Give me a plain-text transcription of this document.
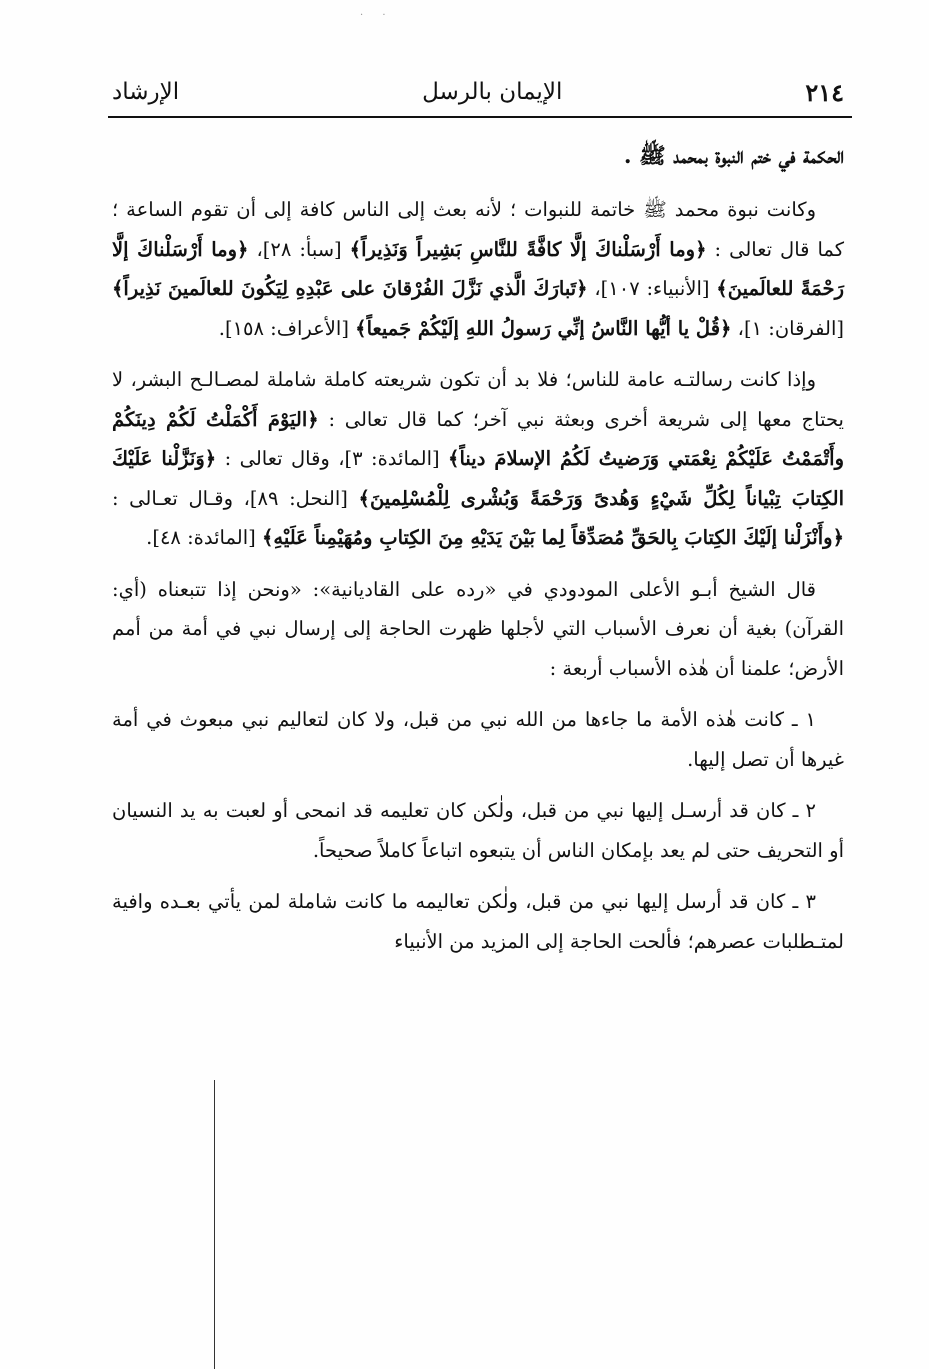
· ·
٢١٤
الإيمان بالرسل
الإرشاد
الحكمة في ختم النبوة بمحمد ﷺ .

وكانت نبوة محمد ﷺ خاتمة للنبوات ؛ لأنه بعث إلى الناس كافة إلى أن تقوم الساعة ؛ كما قال تعالى : ﴿وما أَرْسَلْناكَ إلَّا كافَّةً للنَّاسِ بَشِيراً وَنَذِيراً﴾ [سبأ: ٢٨]، ﴿وما أَرْسَلْناكَ إلَّا رَحْمَةً للعالَمينَ﴾ [الأنبياء: ١٠٧]، ﴿تَبارَكَ الَّذي نَزَّلَ الفُرْقانَ على عَبْدِهِ لِيَكُونَ للعالَمينَ نَذِيراً﴾ [الفرقان: ١]، ﴿قُلْ يا أيُّها النَّاسُ إنِّي رَسولُ اللهِ إلَيْكُمْ جَميعاً﴾ [الأعراف: ١٥٨].

وإذا كانت رسالتـه عامة للناس؛ فلا بد أن تكون شريعته كاملة شاملة لمصـالـح البشر، لا يحتاج معها إلى شريعة أخرى وبعثة نبي آخر؛ كما قال تعالى : ﴿اليَوْمَ أَكْمَلْتُ لَكُمْ دِينَكُمْ وأَتْمَمْتُ عَلَيْكُمْ نِعْمَتي وَرَضيتُ لَكُمُ الإسلامَ ديناً﴾ [المائدة: ٣]، وقال تعالى : ﴿وَنَزَّلْنا عَلَيْكَ الكِتابَ تِبْياناً لِكُلِّ شَيْءٍ وَهُدىً وَرَحْمَةً وَبُشْرى لِلْمُسْلِمينَ﴾ [النحل: ٨٩]، وقـال تعـالى : ﴿وأَنْزَلْنا إلَيْكَ الكِتابَ بِالحَقِّ مُصَدِّقاً لِما بَيْنَ يَدَيْهِ مِنَ الكِتابِ ومُهَيْمِناً عَلَيْهِ﴾ [المائدة: ٤٨].

قال الشيخ أبـو الأعلى المودودي في «رده على القاديانية»: «ونحن إذا تتبعناه (أي: القرآن) بغية أن نعرف الأسباب التي لأجلها ظهرت الحاجة إلى إرسال نبي في أمة من أمم الأرض؛ علمنا أن هٰذه الأسباب أربعة :

١ ـ كانت هٰذه الأمة ما جاءها من الله نبي من قبل، ولا كان لتعاليم نبي مبعوث في أمة غيرها أن تصل إليها.

٢ ـ كان قد أرسـل إليها نبي من قبل، ولٰكن كان تعليمه قد انمحى أو لعبت به يد النسيان أو التحريف حتى لم يعد بإمكان الناس أن يتبعوه اتباعاً كاملاً صحيحاً.

٣ ـ كان قد أرسل إليها نبي من قبل، ولٰكن تعاليمه ما كانت شاملة لمن يأتي بعـده وافية لمتـطلبات عصرهم؛ فألحت الحاجة إلى المزيد من الأنبياء
